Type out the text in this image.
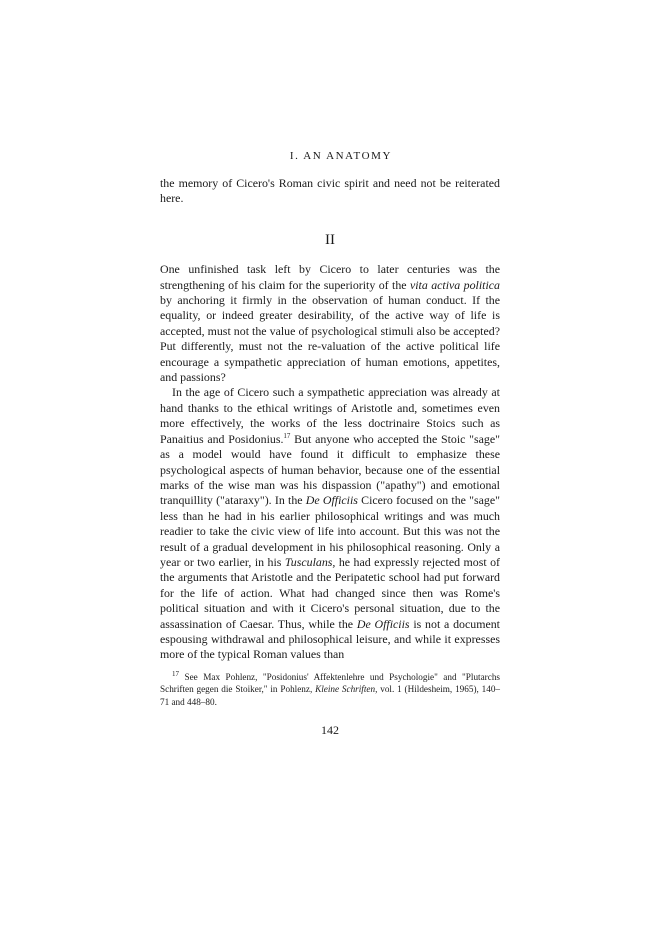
I. AN ANATOMY

the memory of Cicero's Roman civic spirit and need not be reiterated here.

II

One unfinished task left by Cicero to later centuries was the strengthening of his claim for the superiority of the vita activa politica by anchoring it firmly in the observation of human conduct. If the equality, or indeed greater desirability, of the active way of life is accepted, must not the value of psychological stimuli also be accepted? Put differently, must not the re-valuation of the active political life encourage a sympathetic appreciation of human emotions, appetites, and passions?

In the age of Cicero such a sympathetic appreciation was already at hand thanks to the ethical writings of Aristotle and, sometimes even more effectively, the works of the less doctrinaire Stoics such as Panaitius and Posidonius.$^{17}$ But anyone who accepted the Stoic "sage" as a model would have found it difficult to emphasize these psychological aspects of human behavior, because one of the essential marks of the wise man was his dispassion ("apathy") and emotional tranquillity ("ataraxy"). In the De Officiis Cicero focused on the "sage" less than he had in his earlier philosophical writings and was much readier to take the civic view of life into account. But this was not the result of a gradual development in his philosophical reasoning. Only a year or two earlier, in his Tusculans, he had expressly rejected most of the arguments that Aristotle and the Peripatetic school had put forward for the life of action. What had changed since then was Rome's political situation and with it Cicero's personal situation, due to the assassination of Caesar. Thus, while the De Officiis is not a document espousing withdrawal and philosophical leisure, and while it expresses more of the typical Roman values than

$^{17}$ See Max Pohlenz, "Posidonius' Affektenlehre und Psychologie" and "Plutarchs Schriften gegen die Stoiker," in Pohlenz, Kleine Schriften, vol. 1 (Hildesheim, 1965), 140–71 and 448–80.

142
